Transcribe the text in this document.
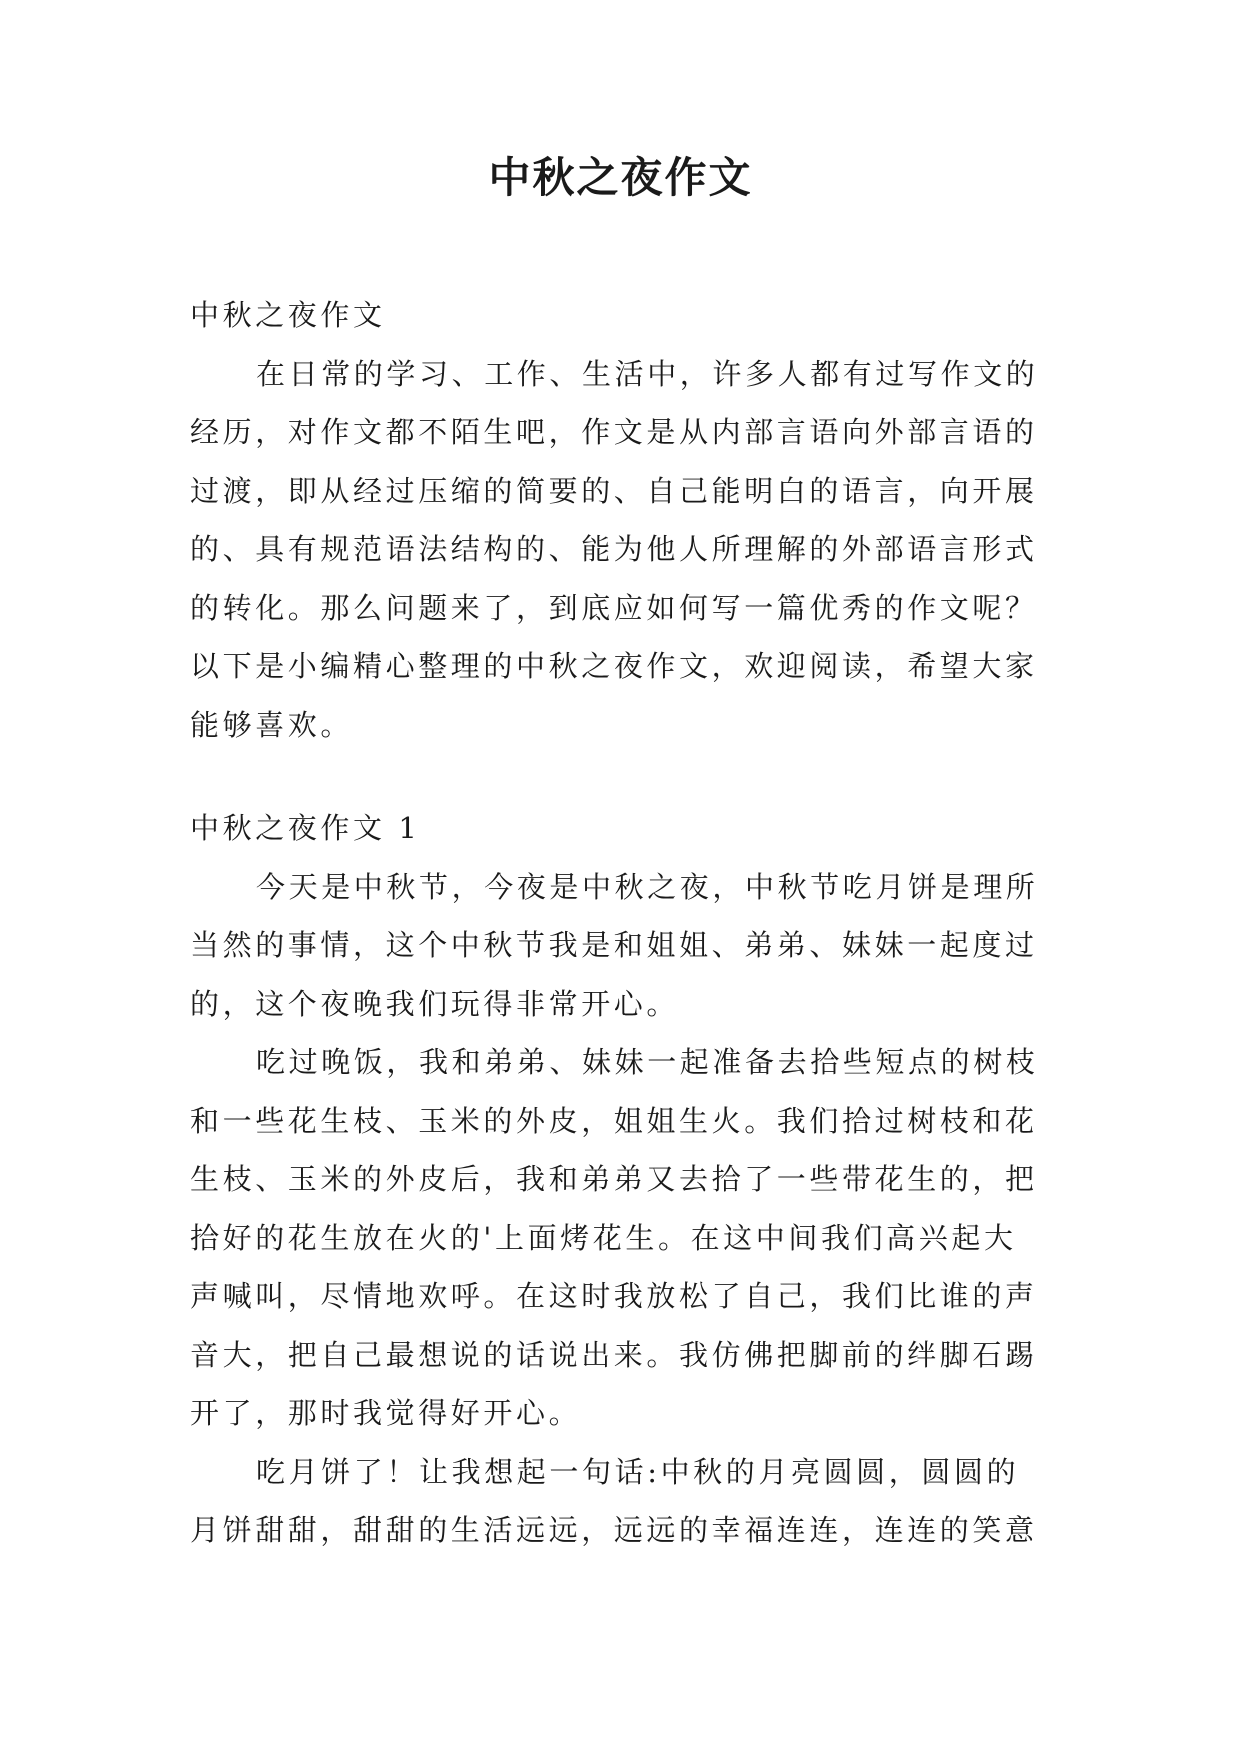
中秋之夜作文

中秋之夜作文

在日常的学习、工作、生活中，许多人都有过写作文的

经历，对作文都不陌生吧，作文是从内部言语向外部言语的

过渡，即从经过压缩的简要的、自己能明白的语言，向开展

的、具有规范语法结构的、能为他人所理解的外部语言形式

的转化。那么问题来了，到底应如何写一篇优秀的作文呢？

以下是小编精心整理的中秋之夜作文，欢迎阅读，希望大家

能够喜欢。

中秋之夜作文 1

今天是中秋节，今夜是中秋之夜，中秋节吃月饼是理所

当然的事情，这个中秋节我是和姐姐、弟弟、妹妹一起度过

的，这个夜晚我们玩得非常开心。

吃过晚饭，我和弟弟、妹妹一起准备去拾些短点的树枝

和一些花生枝、玉米的外皮，姐姐生火。我们拾过树枝和花

生枝、玉米的外皮后，我和弟弟又去拾了一些带花生的，把

拾好的花生放在火的'上面烤花生。在这中间我们高兴起大

声喊叫，尽情地欢呼。在这时我放松了自己，我们比谁的声

音大，把自己最想说的话说出来。我仿佛把脚前的绊脚石踢

开了，那时我觉得好开心。

吃月饼了！让我想起一句话:中秋的月亮圆圆，圆圆的

月饼甜甜，甜甜的生活远远，远远的幸福连连，连连的笑意
